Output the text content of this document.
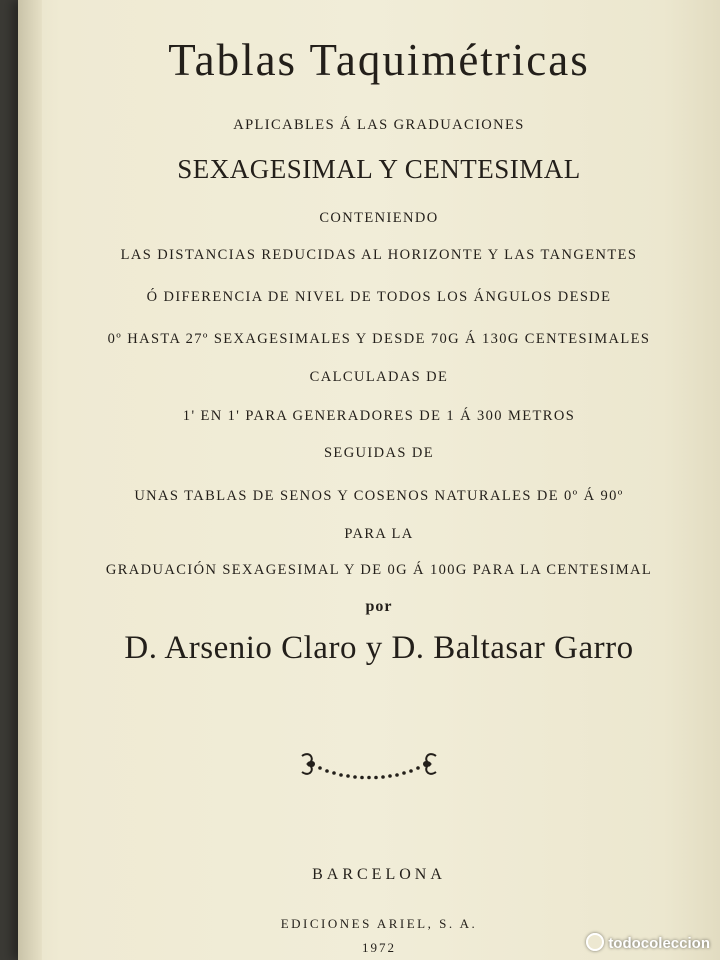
Tablas Taquimétricas
APLICABLES Á LAS GRADUACIONES
SEXAGESIMAL Y CENTESIMAL
CONTENIENDO
LAS DISTANCIAS REDUCIDAS AL HORIZONTE Y LAS TANGENTES
Ó DIFERENCIA DE NIVEL DE TODOS LOS ÁNGULOS DESDE
0º HASTA 27º SEXAGESIMALES Y DESDE 70G Á 130G CENTESIMALES
CALCULADAS DE
1' EN 1' PARA GENERADORES DE 1 Á 300 METROS
SEGUIDAS DE
UNAS TABLAS DE SENOS Y COSENOS NATURALES DE 0º Á 90º
PARA LA
GRADUACIÓN SEXAGESIMAL Y DE 0G Á 100G PARA LA CENTESIMAL
por
D. Arsenio Claro y D. Baltasar Garro
BARCELONA
EDICIONES ARIEL, S. A.
1972	todocoleccion
